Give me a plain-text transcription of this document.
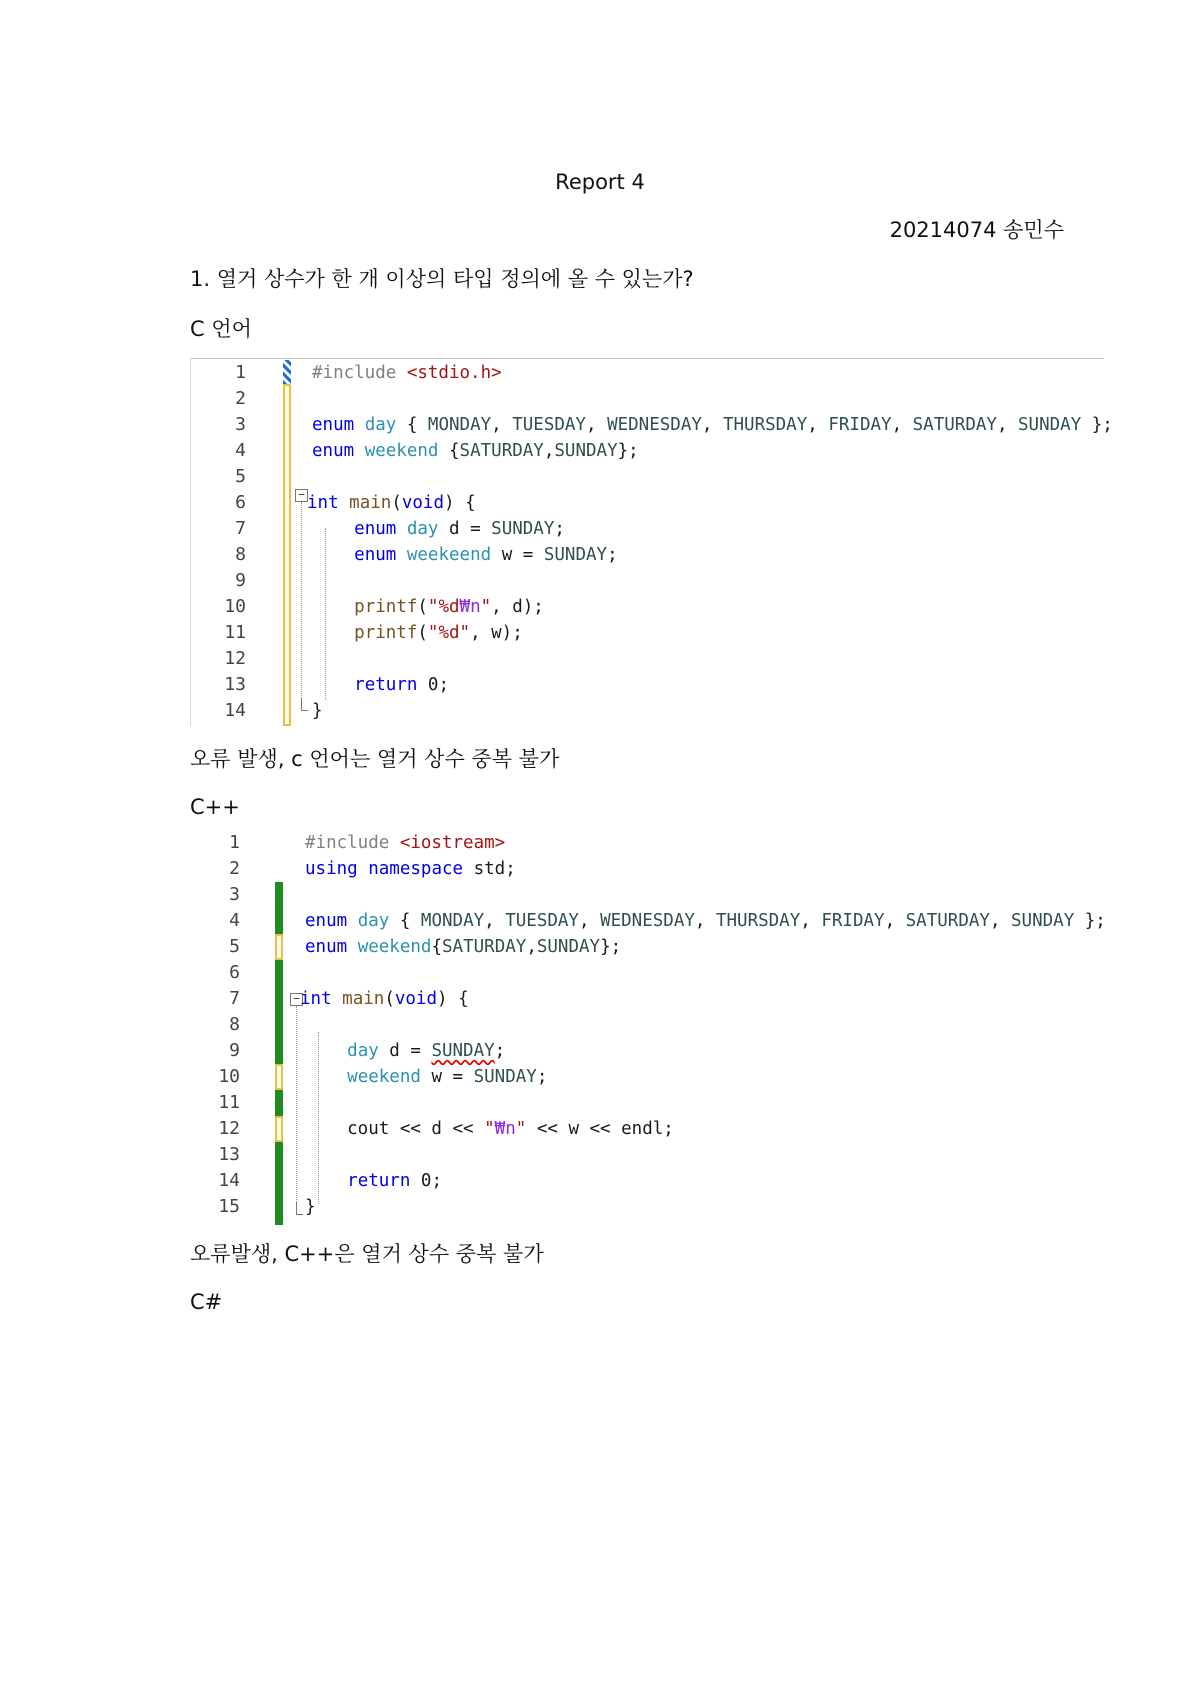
Report 4
20214074 송민수
1. 열거 상수가 한 개 이상의 타입 정의에 올 수 있는가?
C 언어

1
2
3
4
5
6
7
8
9
10
11
12
13
14

−

#include <stdio.h>

enum day { MONDAY, TUESDAY, WEDNESDAY, THURSDAY, FRIDAY, SATURDAY, SUNDAY };

enum weekend {SATURDAY,SUNDAY};

int main(void) {

enum day d = SUNDAY;

enum weekeend w = SUNDAY;

printf("%d₩n", d);

printf("%d", w);

return 0;

}

오류 발생, c 언어는 열거 상수 중복 불가
C++

1
2
3
4
5
6
7
8
9
10
11
12
13
14
15

−

#include <iostream>

using namespace std;

enum day { MONDAY, TUESDAY, WEDNESDAY, THURSDAY, FRIDAY, SATURDAY, SUNDAY };

enum weekend{SATURDAY,SUNDAY};

int main(void) {

day d = SUNDAY;

weekend w = SUNDAY;

cout << d << "₩n" << w << endl;

return 0;

}

오류발생, C++은 열거 상수 중복 불가
C#
